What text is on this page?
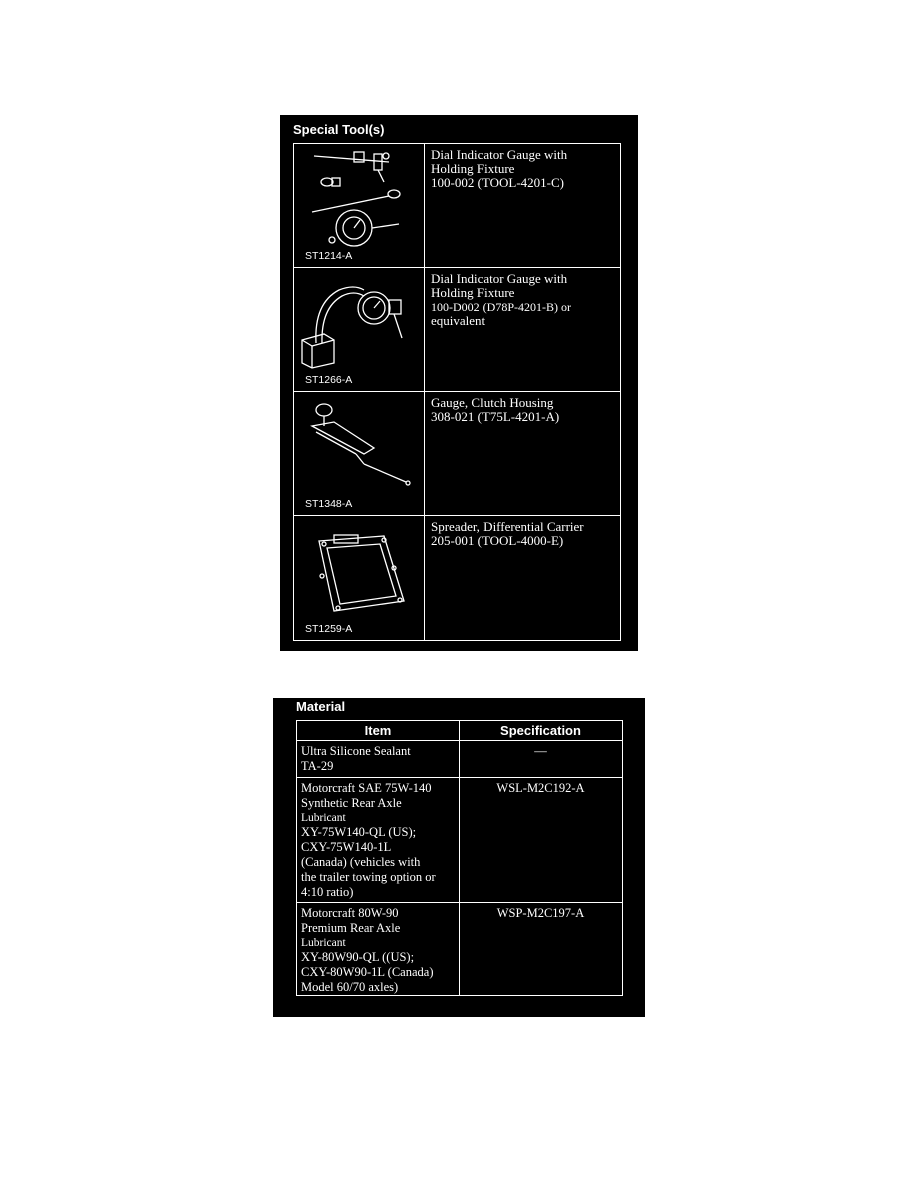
Special Tool(s)
ST1214-A
Dial Indicator Gauge with
Holding Fixture
100-002 (TOOL-4201-C)
ST1266-A
Dial Indicator Gauge with
Holding Fixture
100-D002 (D78P-4201-B) or
equivalent
ST1348-A
Gauge, Clutch Housing
308-021 (T75L-4201-A)
ST1259-A
Spreader, Differential Carrier
205-001 (TOOL-4000-E)
Material
Item	Specification
Ultra Silicone Sealant
TA-29
—
Motorcraft SAE 75W-140
Synthetic Rear Axle
Lubricant
XY-75W140-QL (US);
CXY-75W140-1L
(Canada) (vehicles with
the trailer towing option or
4:10 ratio)
WSL-M2C192-A
Motorcraft 80W-90
Premium Rear Axle
Lubricant
XY-80W90-QL ((US);
CXY-80W90-1L (Canada)
Model 60/70 axles)
WSP-M2C197-A
